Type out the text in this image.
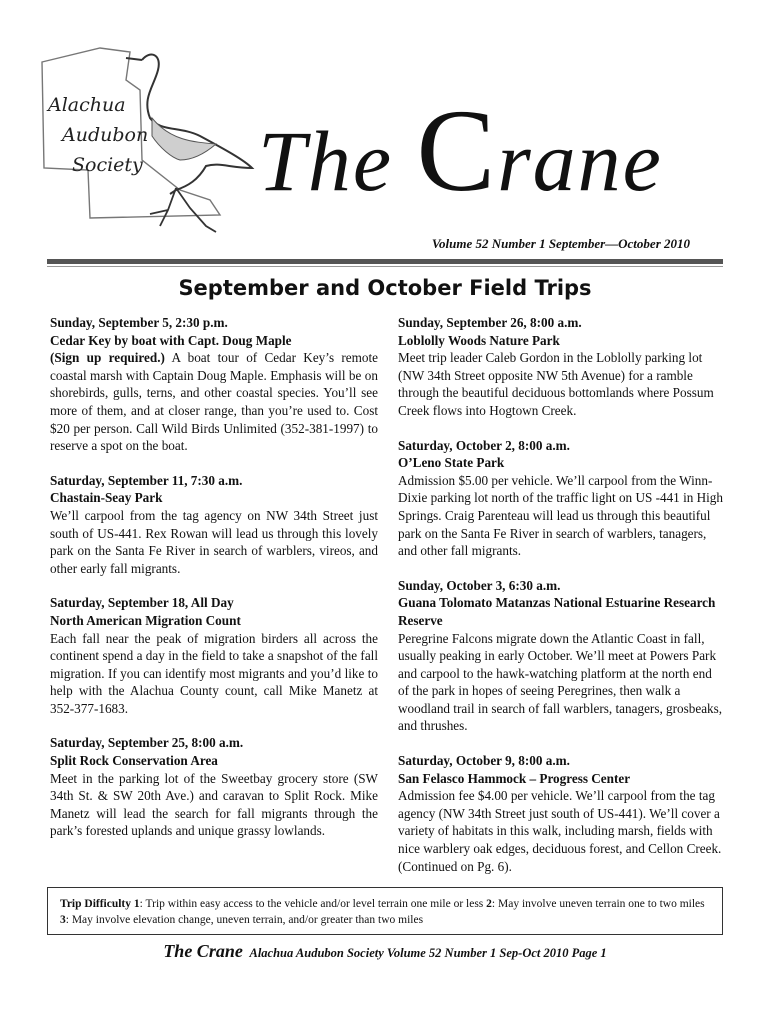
Alachua
Audubon
Society The Crane
Volume 52 Number 1 September—October 2010
September and October Field Trips
Sunday, September 5, 2:30 p.m.
Cedar Key by boat with Capt. Doug Maple

(Sign up required.) A boat tour of Cedar Key’s remote coastal marsh with Captain Doug Maple. Emphasis will be on shorebirds, gulls, terns, and other coastal species. You’ll see more of them, and at closer range, than you’re used to. Cost $20 per person. Call Wild Birds Unlimited (352-381-1997) to reserve a spot on the boat.

Saturday, September 11, 7:30 a.m.
Chastain-Seay Park

We’ll carpool from the tag agency on NW 34th Street just south of US-441. Rex Rowan will lead us through this lovely park on the Santa Fe River in search of warblers, vireos, and other early fall migrants.

Saturday, September 18, All Day
North American Migration Count

Each fall near the peak of migration birders all across the continent spend a day in the field to take a snapshot of the fall migration. If you can identify most migrants and you’d like to help with the Alachua County count, call Mike Manetz at 352-377-1683.

Saturday, September 25, 8:00 a.m.
Split Rock Conservation Area

Meet in the parking lot of the Sweetbay grocery store (SW 34th St. & SW 20th Ave.) and caravan to Split Rock. Mike Manetz will lead the search for fall migrants through the park’s forested uplands and unique grassy lowlands.

Sunday, September 26, 8:00 a.m.
Loblolly Woods Nature Park

Meet trip leader Caleb Gordon in the Loblolly parking lot (NW 34th Street opposite NW 5th Avenue) for a ramble through the beautiful deciduous bottomlands where Possum Creek flows into Hogtown Creek.

Saturday, October 2, 8:00 a.m.
O’Leno State Park

Admission $5.00 per vehicle. We’ll carpool from the Winn-Dixie parking lot north of the traffic light on US -441 in High Springs. Craig Parenteau will lead us through this beautiful park on the Santa Fe River in search of warblers, tanagers, and other fall migrants.

Sunday, October 3, 6:30 a.m.
Guana Tolomato Matanzas National Estuarine Research Reserve

Peregrine Falcons migrate down the Atlantic Coast in fall, usually peaking in early October. We’ll meet at Powers Park and carpool to the hawk-watching platform at the north end of the park in hopes of seeing Peregrines, then walk a woodland trail in search of fall warblers, tanagers, grosbeaks, and thrushes.

Saturday, October 9, 8:00 a.m.
San Felasco Hammock – Progress Center

Admission fee $4.00 per vehicle. We’ll carpool from the tag agency (NW 34th Street just south of US-441). We’ll cover a variety of habitats in this walk, including marsh, fields with nice warblery oak edges, deciduous forest, and Cellon Creek. (Continued on Pg. 6).

Trip Difficulty 1: Trip within easy access to the vehicle and/or level terrain one mile or less 2: May involve uneven terrain one to two miles 3: May involve elevation change, uneven terrain, and/or greater than two miles
The Crane Alachua Audubon Society Volume 52 Number 1 Sep-Oct 2010 Page 1
